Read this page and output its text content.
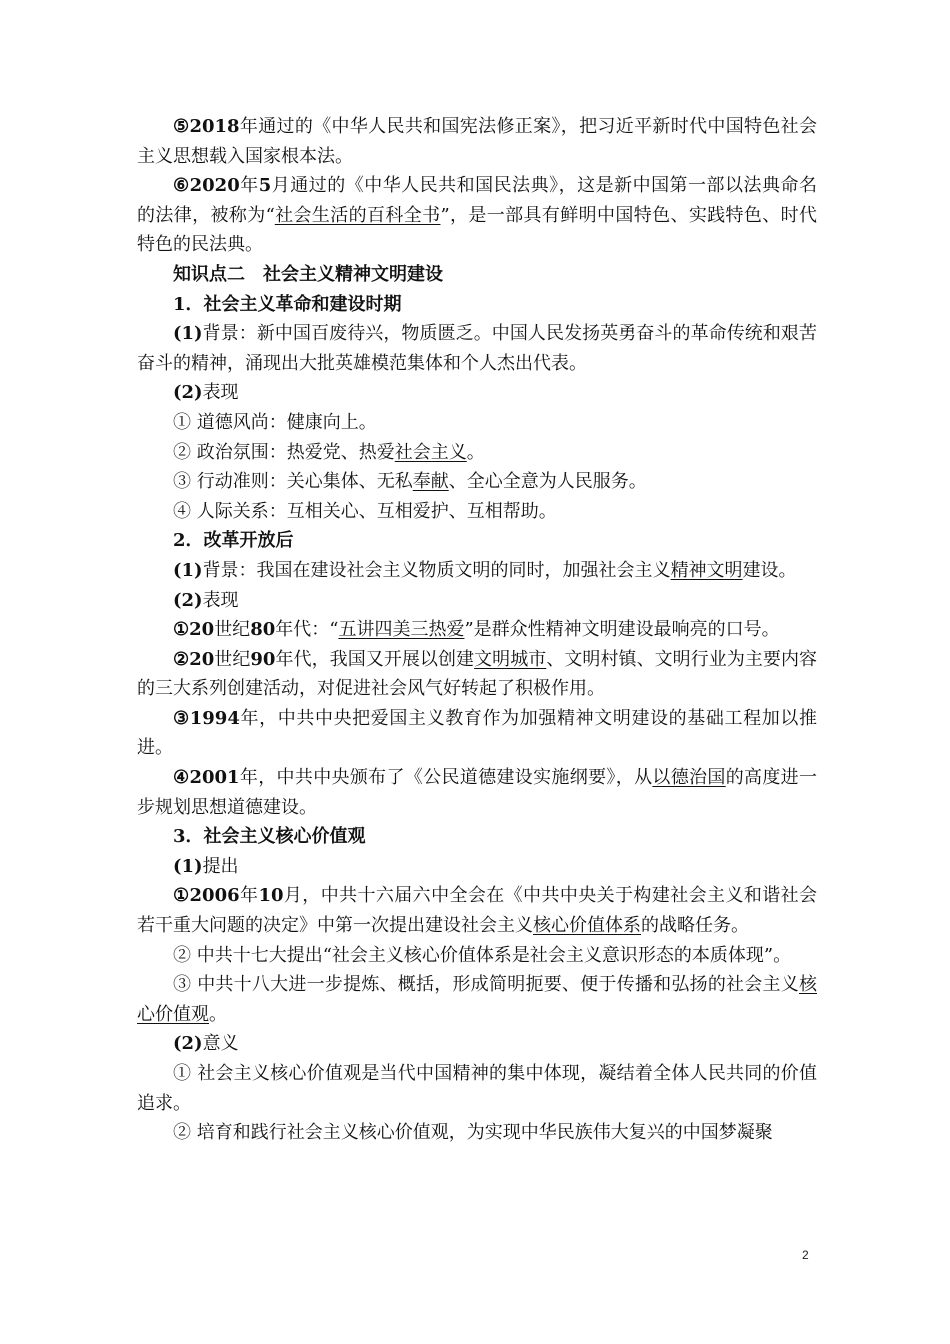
⑤2018年通过的《中华人民共和国宪法修正案》，把习近平新时代中国特色社会主义思想载入国家根本法。

⑥2020年5月通过的《中华人民共和国民法典》，这是新中国第一部以法典命名的法律，被称为“社会生活的百科全书”，是一部具有鲜明中国特色、实践特色、时代特色的民法典。

知识点二　社会主义精神文明建设

1．社会主义革命和建设时期

(1)背景：新中国百废待兴，物质匮乏。中国人民发扬英勇奋斗的革命传统和艰苦奋斗的精神，涌现出大批英雄模范集体和个人杰出代表。

(2)表现

① 道德风尚：健康向上。

② 政治氛围：热爱党、热爱社会主义。

③ 行动准则：关心集体、无私奉献、全心全意为人民服务。

④ 人际关系：互相关心、互相爱护、互相帮助。

2．改革开放后

(1)背景：我国在建设社会主义物质文明的同时，加强社会主义精神文明建设。

(2)表现

①20世纪80年代：“五讲四美三热爱”是群众性精神文明建设最响亮的口号。

②20世纪90年代，我国又开展以创建文明城市、文明村镇、文明行业为主要内容的三大系列创建活动，对促进社会风气好转起了积极作用。

③1994年，中共中央把爱国主义教育作为加强精神文明建设的基础工程加以推进。

④2001年，中共中央颁布了《公民道德建设实施纲要》，从以德治国的高度进一步规划思想道德建设。

3．社会主义核心价值观

(1)提出

①2006年10月，中共十六届六中全会在《中共中央关于构建社会主义和谐社会若干重大问题的决定》中第一次提出建设社会主义核心价值体系的战略任务。

② 中共十七大提出“社会主义核心价值体系是社会主义意识形态的本质体现”。

③ 中共十八大进一步提炼、概括，形成简明扼要、便于传播和弘扬的社会主义核心价值观。

(2)意义

① 社会主义核心价值观是当代中国精神的集中体现，凝结着全体人民共同的价值追求。

② 培育和践行社会主义核心价值观，为实现中华民族伟大复兴的中国梦凝聚

2
